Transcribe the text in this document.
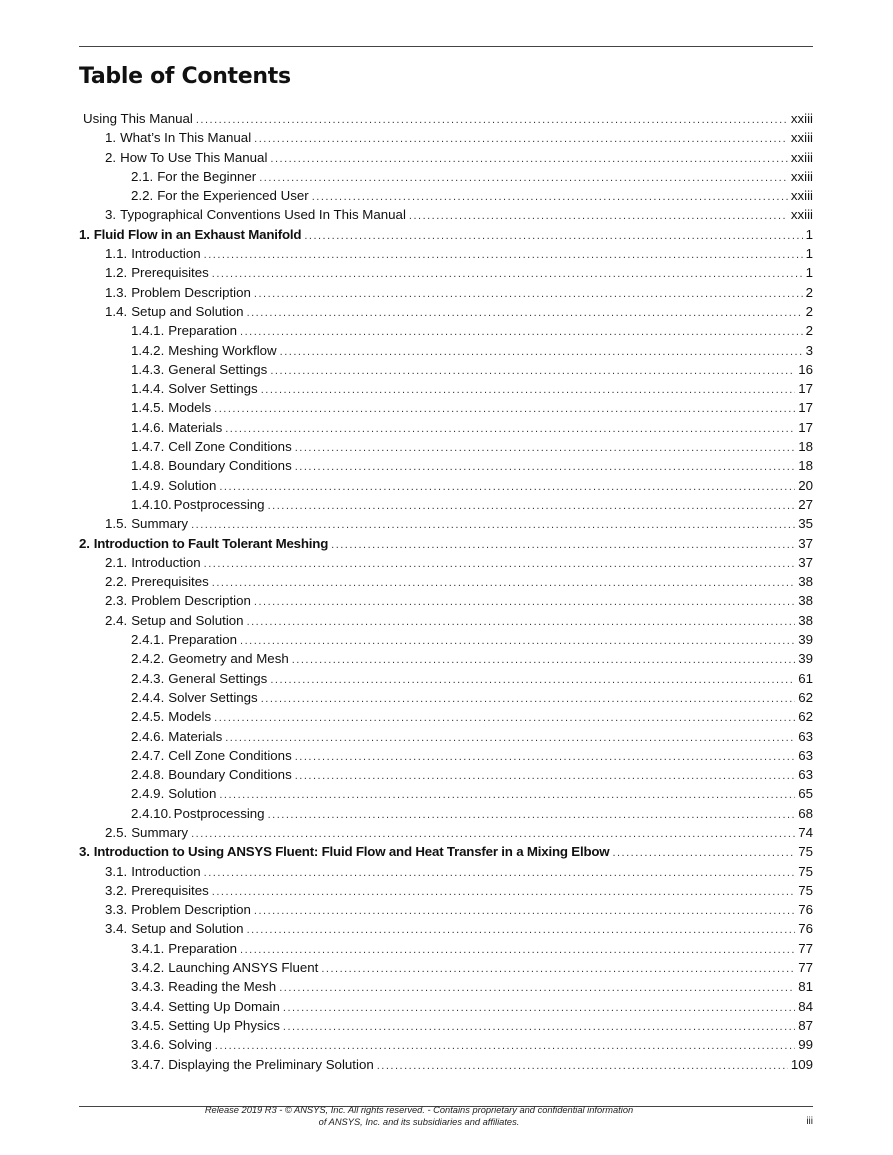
Table of Contents
Using This Manual .....	xxiii
1. What’s In This Manual .....	xxiii
2. How To Use This Manual .....	xxiii
2.1. For the Beginner .....	xxiii
2.2. For the Experienced User .....	xxiii
3. Typographical Conventions Used In This Manual .....	xxiii
1. Fluid Flow in an Exhaust Manifold .....	1
1.1. Introduction .....	1
1.2. Prerequisites .....	1
1.3. Problem Description .....	2
1.4. Setup and Solution .....	2
1.4.1. Preparation .....	2
1.4.2. Meshing Workflow .....	3
1.4.3. General Settings .....	16
1.4.4. Solver Settings .....	17
1.4.5. Models .....	17
1.4.6. Materials .....	17
1.4.7. Cell Zone Conditions .....	18
1.4.8. Boundary Conditions .....	18
1.4.9. Solution .....	20
1.4.10. Postprocessing .....	27
1.5. Summary .....	35
2. Introduction to Fault Tolerant Meshing .....	37
2.1. Introduction .....	37
2.2. Prerequisites .....	38
2.3. Problem Description .....	38
2.4. Setup and Solution .....	38
2.4.1. Preparation .....	39
2.4.2. Geometry and Mesh .....	39
2.4.3. General Settings .....	61
2.4.4. Solver Settings .....	62
2.4.5. Models .....	62
2.4.6. Materials .....	63
2.4.7. Cell Zone Conditions .....	63
2.4.8. Boundary Conditions .....	63
2.4.9. Solution .....	65
2.4.10. Postprocessing .....	68
2.5. Summary .....	74
3. Introduction to Using ANSYS Fluent: Fluid Flow and Heat Transfer in a Mixing Elbow .....	75
3.1. Introduction .....	75
3.2. Prerequisites .....	75
3.3. Problem Description .....	76
3.4. Setup and Solution .....	76
3.4.1. Preparation .....	77
3.4.2. Launching ANSYS Fluent .....	77
3.4.3. Reading the Mesh .....	81
3.4.4. Setting Up Domain .....	84
3.4.5. Setting Up Physics .....	87
3.4.6. Solving .....	99
3.4.7. Displaying the Preliminary Solution .....	109

Release 2019 R3 - © ANSYS, Inc. All rights reserved. - Contains proprietary and confidential information

of ANSYS, Inc. and its subsidiaries and affiliates.	iii
